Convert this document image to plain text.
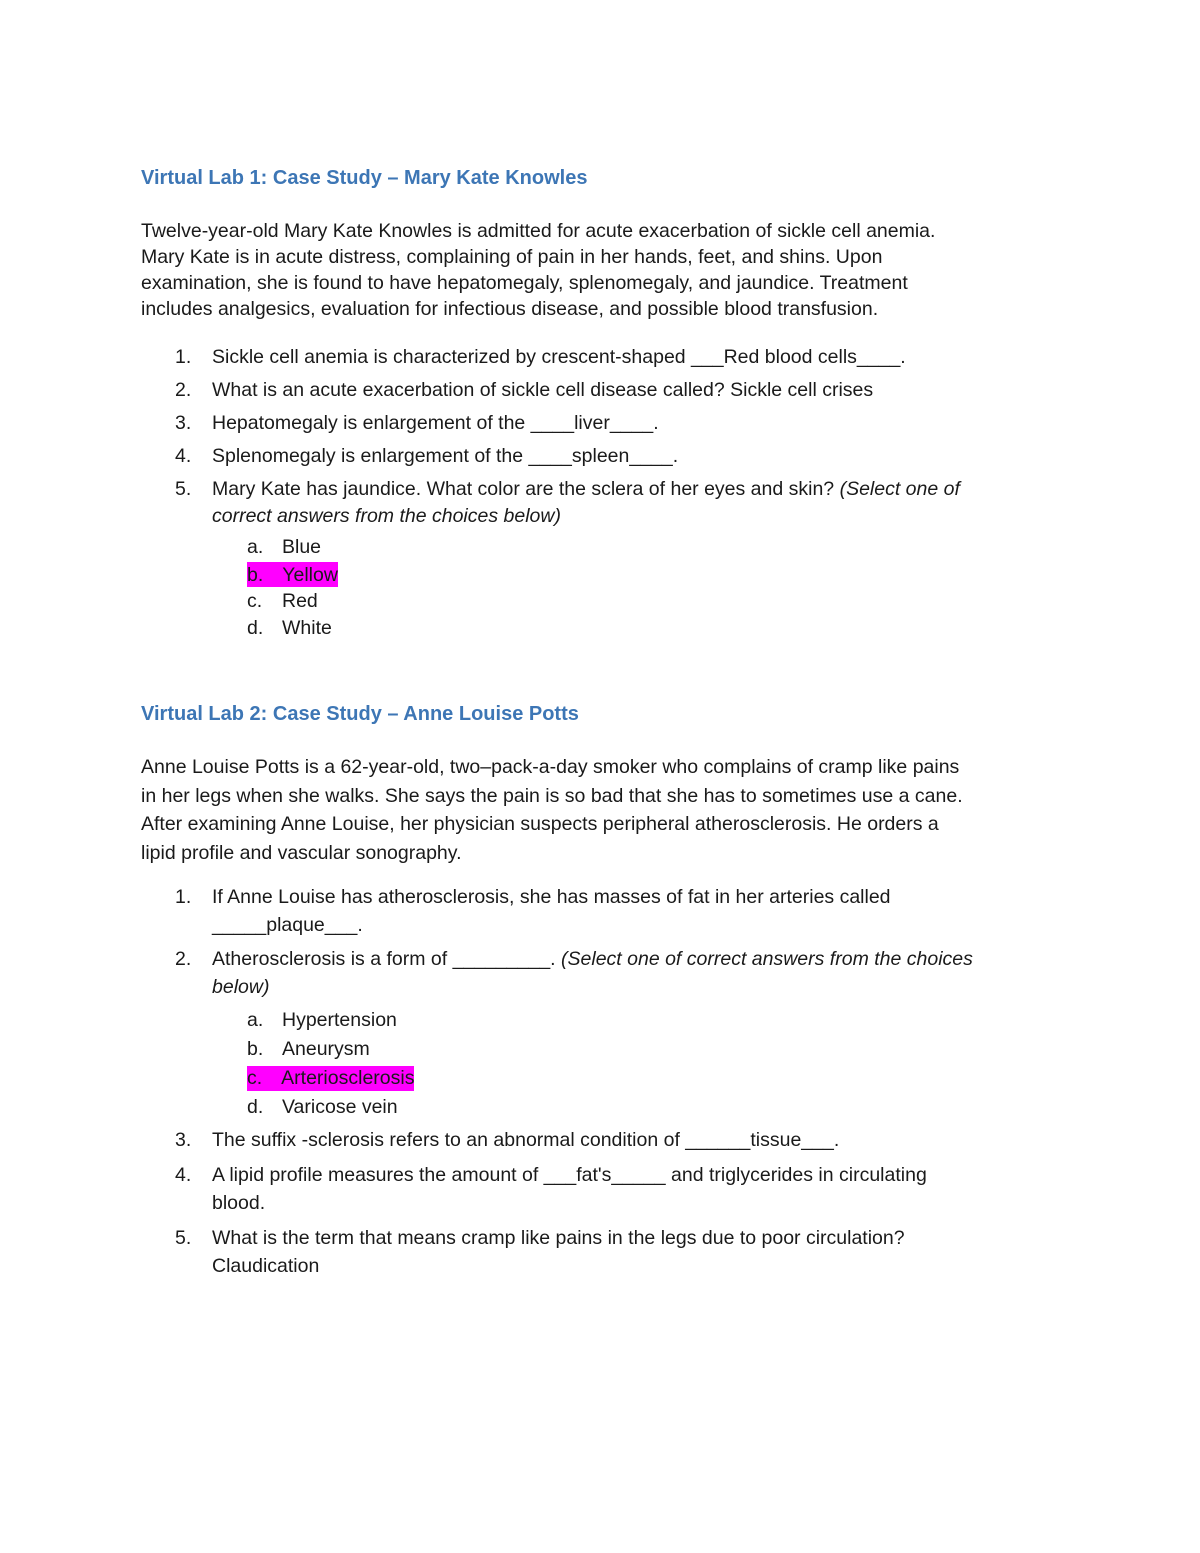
Virtual Lab 1: Case Study – Mary Kate Knowles

Twelve-year-old Mary Kate Knowles is admitted for acute exacerbation of sickle cell anemia.

Mary Kate is in acute distress, complaining of pain in her hands, feet, and shins. Upon

examination, she is found to have hepatomegaly, splenomegaly, and jaundice. Treatment

includes analgesics, evaluation for infectious disease, and possible blood transfusion.

1. Sickle cell anemia is characterized by crescent-shaped ___Red blood cells____.
2. What is an acute exacerbation of sickle cell disease called? Sickle cell crises
3. Hepatomegaly is enlargement of the ____liver____.
4. Splenomegaly is enlargement of the ____spleen____.
5. Mary Kate has jaundice. What color are the sclera of her eyes and skin? (Select one of
correct answers from the choices below)
a. Blue
b. Yellow
c. Red
d. White
Virtual Lab 2: Case Study – Anne Louise Potts

Anne Louise Potts is a 62-year-old, two–pack-a-day smoker who complains of cramp like pains

in her legs when she walks. She says the pain is so bad that she has to sometimes use a cane.

After examining Anne Louise, her physician suspects peripheral atherosclerosis. He orders a

lipid profile and vascular sonography.

1. If Anne Louise has atherosclerosis, she has masses of fat in her arteries called
_____plaque___.
2. Atherosclerosis is a form of _________. (Select one of correct answers from the choices
below)
a. Hypertension
b. Aneurysm
c. Arteriosclerosis
d. Varicose vein
3. The suffix -sclerosis refers to an abnormal condition of ______tissue___.
4. A lipid profile measures the amount of ___fat's_____ and triglycerides in circulating
blood.
5. What is the term that means cramp like pains in the legs due to poor circulation?
Claudication
